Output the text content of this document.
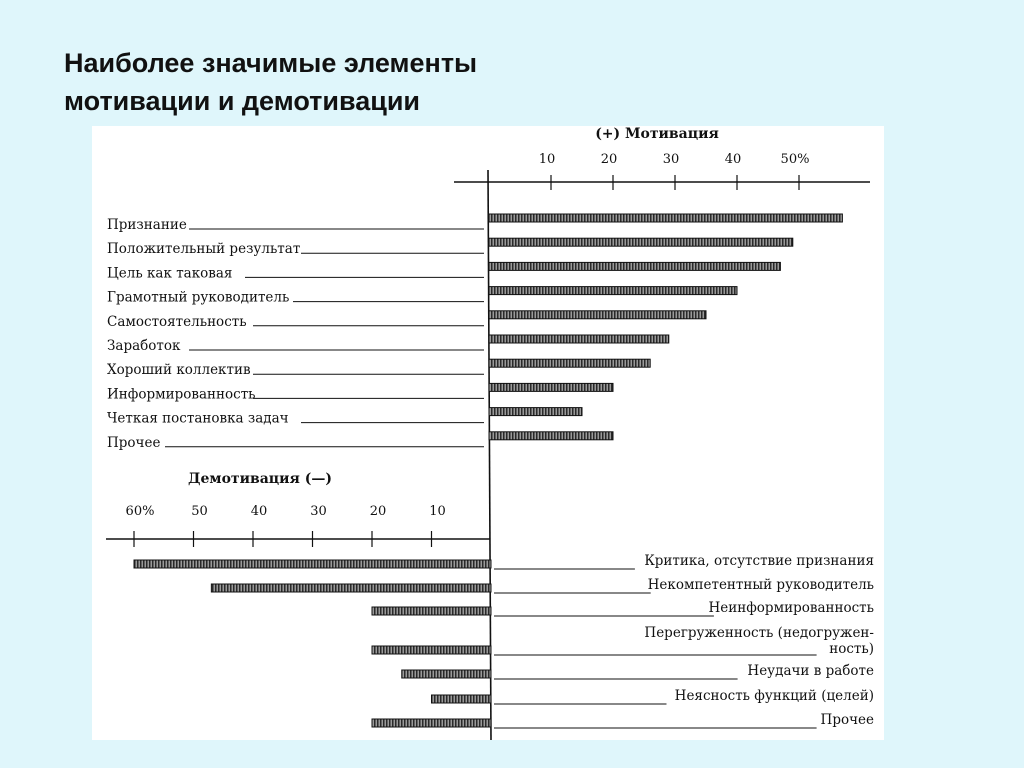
Наиболее значимые элементы
мотивации и демотивации
(+) Мотивация
10	20	30	40	50%
Признание
Положительный результат
Цель как таковая
Грамотный руководитель
Самостоятельность
Заработок
Хороший коллектив
Информированность
Четкая постановка задач
Прочее
Демотивация (—)
60%	50	40	30	20	10
Критика, отсутствие признания
Некомпетентный руководитель
Неинформированность
Перегруженность (недогружен-
ность)
Неудачи в работе
Неясность функций (целей)
Прочее
